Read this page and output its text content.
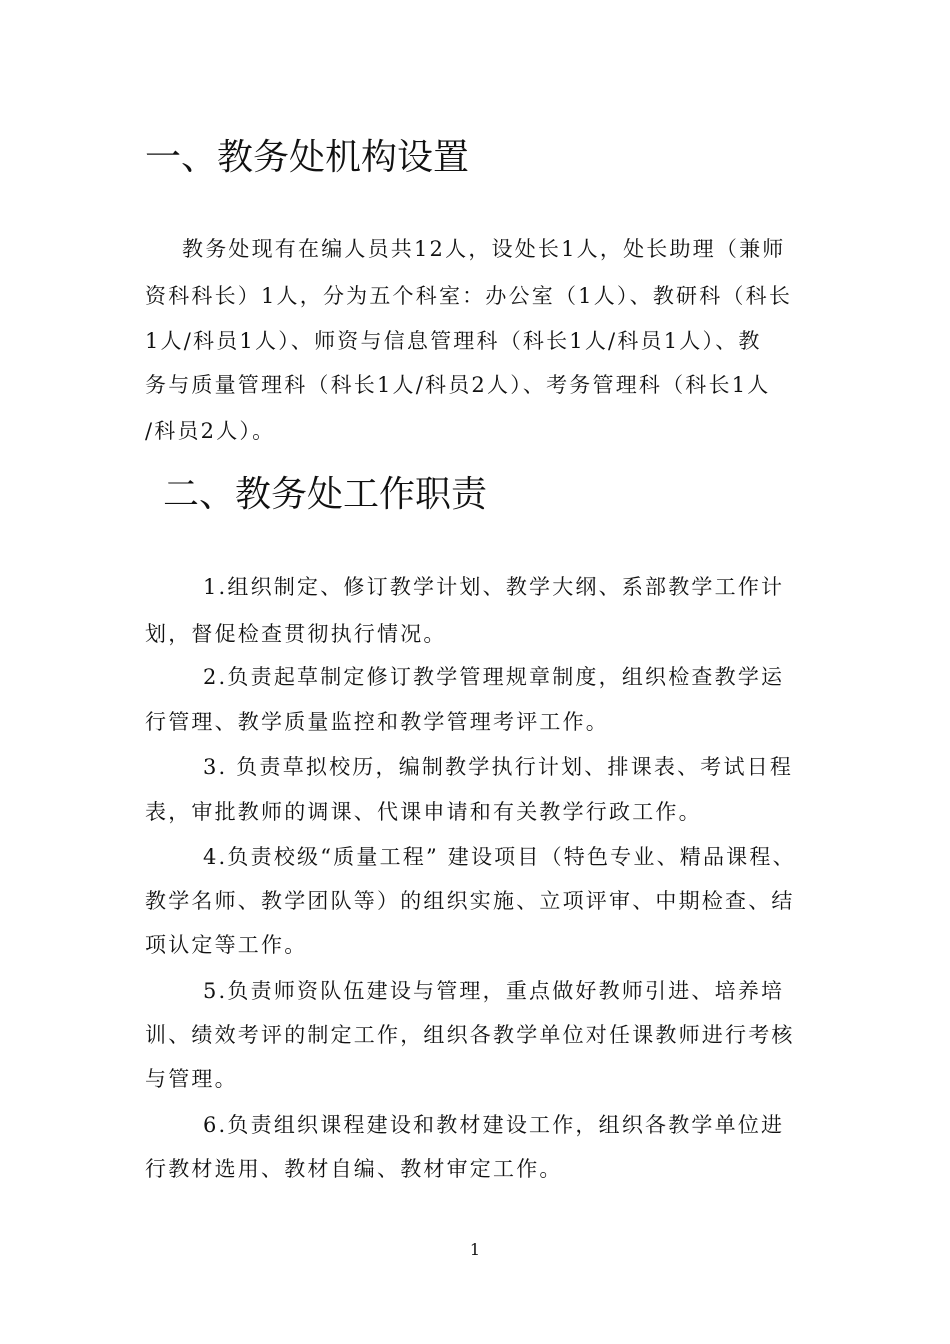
一、教务处机构设置

教务处现有在编人员共12人，设处长1人，处长助理（兼师

资科科长）1人，分为五个科室：办公室（1人）、教研科（科长

1人/科员1人）、师资与信息管理科（科长1人/科员1人）、教

务与质量管理科（科长1人/科员2人）、考务管理科（科长1人

/科员2人）。

二、教务处工作职责

1.组织制定、修订教学计划、教学大纲、系部教学工作计

划，督促检查贯彻执行情况。

2.负责起草制定修订教学管理规章制度，组织检查教学运

行管理、教学质量监控和教学管理考评工作。

3. 负责草拟校历，编制教学执行计划、排课表、考试日程

表，审批教师的调课、代课申请和有关教学行政工作。

4.负责校级“质量工程” 建设项目（特色专业、精品课程、

教学名师、教学团队等）的组织实施、立项评审、中期检查、结

项认定等工作。

5.负责师资队伍建设与管理，重点做好教师引进、培养培

训、绩效考评的制定工作，组织各教学单位对任课教师进行考核

与管理。

6.负责组织课程建设和教材建设工作，组织各教学单位进

行教材选用、教材自编、教材审定工作。

1
